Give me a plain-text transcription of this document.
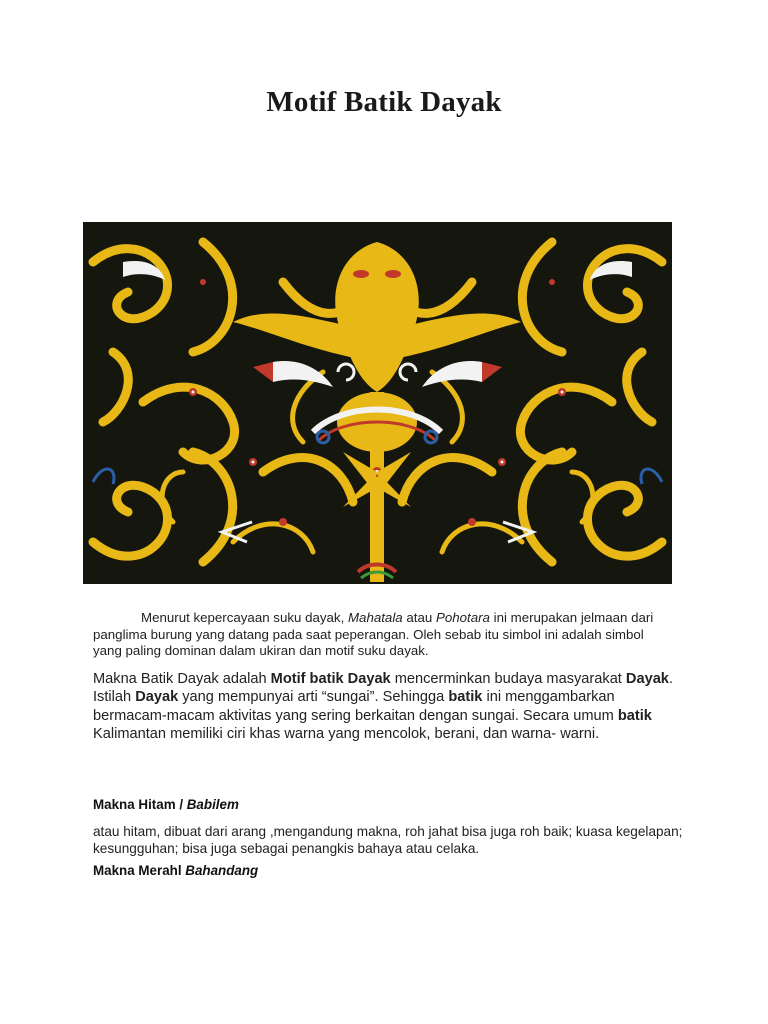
Motif Batik Dayak
Menurut kepercayaan suku dayak, Mahatala atau Pohotara ini merupakan jelmaan dari panglima burung yang datang pada saat peperangan. Oleh sebab itu simbol ini adalah simbol yang paling dominan dalam ukiran dan motif suku dayak.
Makna Batik Dayak adalah Motif batik Dayak mencerminkan budaya masyarakat Dayak. Istilah Dayak yang mempunyai arti “sungai”. Sehingga batik ini menggambarkan bermacam-macam aktivitas yang sering berkaitan dengan sungai. Secara umum batik Kalimantan memiliki ciri khas warna yang mencolok, berani, dan warna- warni.
Makna Hitam / Babilem
atau hitam, dibuat dari arang ,mengandung makna, roh jahat bisa juga roh baik; kuasa kegelapan; kesungguhan; bisa juga sebagai penangkis bahaya atau celaka.
Makna Merahl Bahandang
